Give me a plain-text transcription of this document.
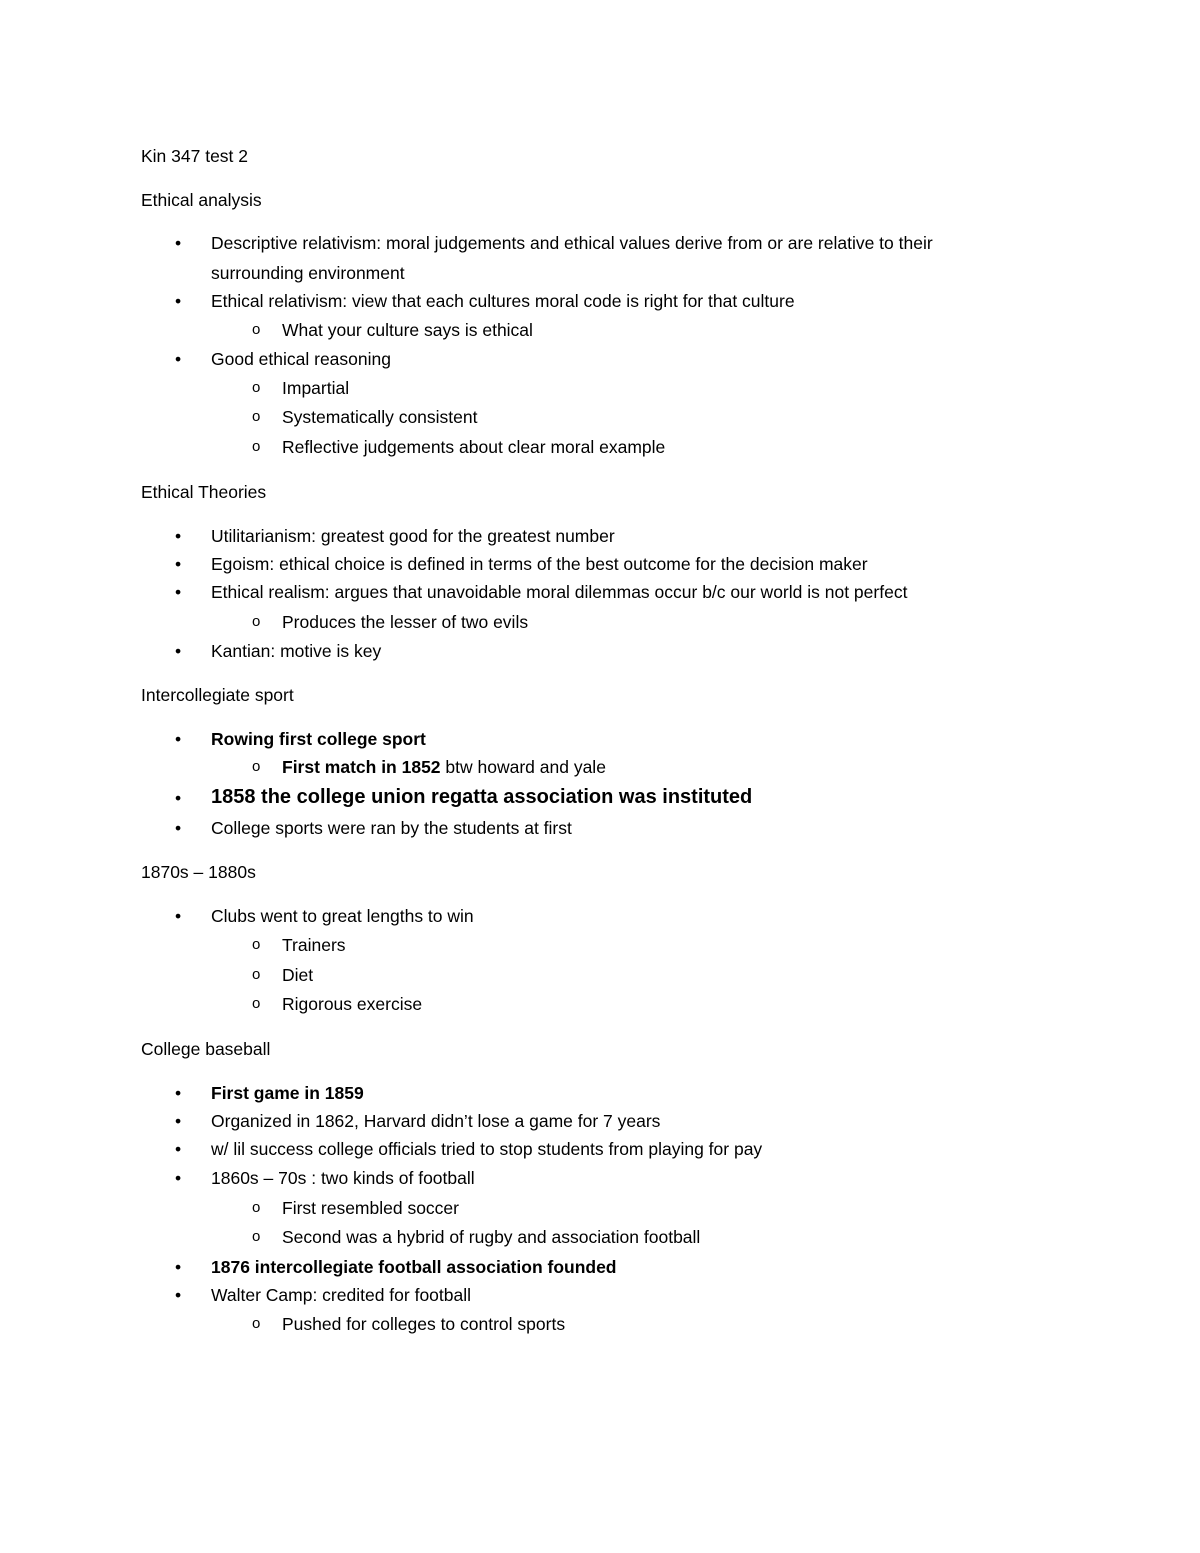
Kin 347 test 2
Ethical analysis
• Descriptive relativism: moral judgements and ethical values derive from or are relative to their
surrounding environment
• Ethical relativism: view that each cultures moral code is right for that culture
o What your culture says is ethical
• Good ethical reasoning
o Impartial
o Systematically consistent
o Reflective judgements about clear moral example
Ethical Theories
• Utilitarianism: greatest good for the greatest number
• Egoism: ethical choice is defined in terms of the best outcome for the decision maker
• Ethical realism: argues that unavoidable moral dilemmas occur b/c our world is not perfect
o Produces the lesser of two evils
• Kantian: motive is key
Intercollegiate sport
• Rowing first college sport
o First match in 1852 btw howard and yale
• 1858 the college union regatta association was instituted
• College sports were ran by the students at first
1870s – 1880s
• Clubs went to great lengths to win
o Trainers
o Diet
o Rigorous exercise
College baseball
• First game in 1859
• Organized in 1862, Harvard didn’t lose a game for 7 years
• w/ lil success college officials tried to stop students from playing for pay
• 1860s – 70s : two kinds of football
o First resembled soccer
o Second was a hybrid of rugby and association football
• 1876 intercollegiate football association founded
• Walter Camp: credited for football
o Pushed for colleges to control sports
